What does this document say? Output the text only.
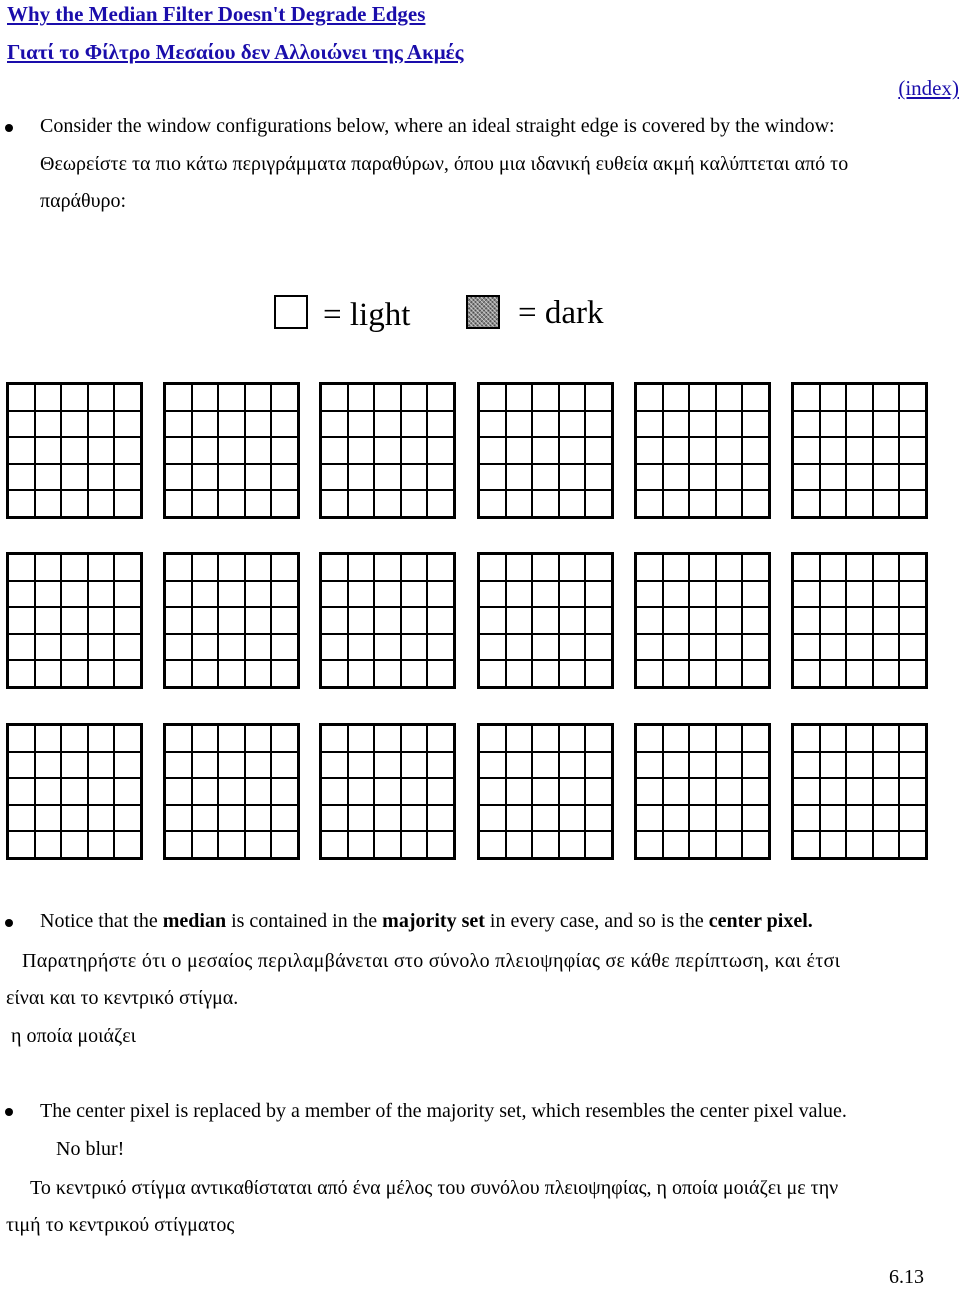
Why the Median Filter Doesn't Degrade Edges
Γιατί το Φίλτρο Μεσαίου δεν Αλλοιώνει της Ακμές
(index)
Consider the window configurations below, where an ideal straight edge is covered by the window:
Θεωρείστε τα πιο κάτω περιγράμματα παραθύρων, όπου μια ιδανική ευθεία ακμή καλύπτεται από το
παράθυρο:
= light	= dark
Notice that the median is contained in the majority set in every case, and so is the center pixel.
Παρατηρήστε ότι ο μεσαίος περιλαμβάνεται στο σύνολο πλειοψηφίας σε κάθε περίπτωση, και έτσι
είναι και το κεντρικό στίγμα.
η οποία μοιάζει
The center pixel is replaced by a member of the majority set, which resembles the center pixel value.
No blur!
Το κεντρικό στίγμα αντικαθίσταται από ένα μέλος του συνόλου πλειοψηφίας, η οποία μοιάζει με την
τιμή το κεντρικού στίγματος
6.13
